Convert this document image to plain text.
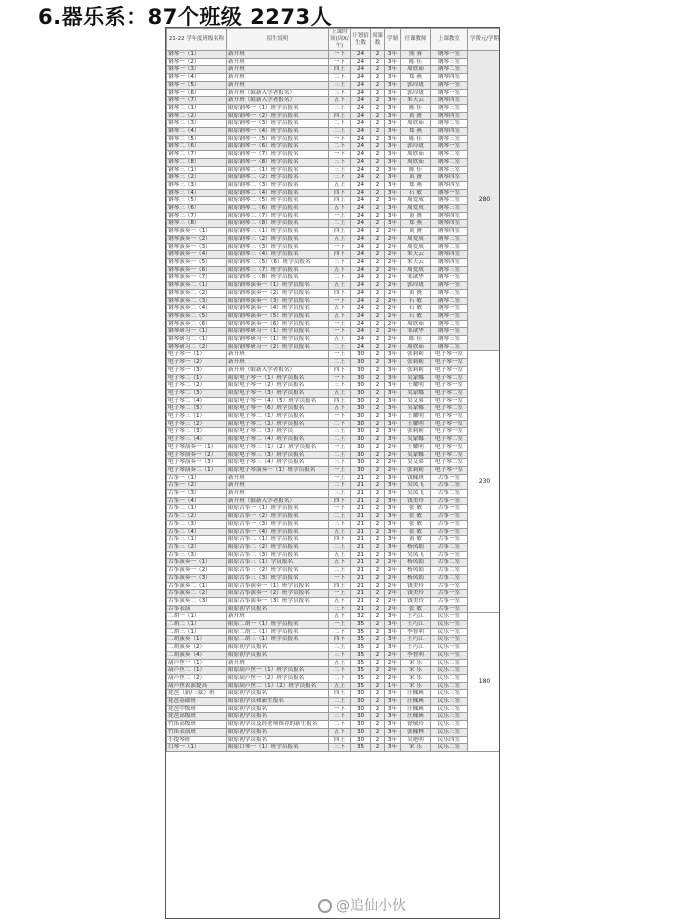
6.器乐系：87个班级 2273人
21-22 学年度班级名称	招生说明	上课时间(周X/午)	计划招生数	周课数	学制	任课教师	上课教室	学费元/学期
钢琴一（1）	新开班	一下	24	2	3年	熊 蓉	钢琴一室	280
钢琴一（2）	新开班	一下	24	2	3年	陈 佳	钢琴三室	
钢琴一（3）	新开班	四上	24	2	3年	周欣茹	钢琴二室	
钢琴一（4）	新开班	二下	24	2	3年	郑 燕	钢琴四室	
钢琴一（5）	新开班	三上	24	2	3年	郭玲珑	钢琴一室	
钢琴一（6）	新开班（限新入学者报名）	三下	24	2	3年	郭玲珑	钢琴一室	
钢琴一（7）	新开班（限新入学者报名）	五下	24	2	3年	朱天云	钢琴四室	
钢琴二（1）	限原钢琴一（1）班学员报名	三上	24	2	3年	陈 佳	钢琴三室	
钢琴二（2）	限原钢琴一（2）班学员报名	四上	24	2	3年	黄 贇	钢琴四室	
钢琴二（3）	限原钢琴一（3）班学员报名	二下	24	2	3年	周欣茹	钢琴二室	
钢琴二（4）	限原钢琴一（4）班学员报名	二上	24	2	3年	郑 燕	钢琴四室	
钢琴二（5）	限原钢琴一（5）班学员报名	一下	24	2	3年	陈 佳	钢琴三室	
钢琴二（6）	限原钢琴一（6）班学员报名	二下	24	2	3年	郭玲珑	钢琴一室	
钢琴二（7）	限原钢琴一（7）班学员报名	一下	24	2	3年	周欣茹	钢琴二室	
钢琴二（8）	限原钢琴一（8）班学员报名	三下	24	2	3年	周欣茹	钢琴二室	
钢琴三（1）	限原钢琴二（1）班学员报名	三上	24	2	3年	陈 佳	钢琴三室	
钢琴三（2）	限原钢琴二（2）班学员报名	三下	24	2	3年	黄 贇	钢琴四室	
钢琴三（3）	限原钢琴二（3）班学员报名	五上	24	2	3年	郑 燕	钢琴四室	
钢琴三（4）	限原钢琴二（4）班学员报名	四下	24	2	3年	石 敏	钢琴一室	
钢琴三（5）	限原钢琴二（5）班学员报名	四上	24	2	3年	周爱成	钢琴二室	
钢琴三（6）	限原钢琴二（6）班学员报名	五下	24	2	3年	周爱成	钢琴三室	
钢琴三（7）	限原钢琴二（7）班学员报名	一上	24	2	3年	黄 贇	钢琴四室	
钢琴三（8）	限原钢琴二（8）班学员报名	二上	24	2	3年	郑 燕	钢琴四室	
钢琴演奏一（1）	限原钢琴三（1）班学员报名	四上	24	2	2年	黄 贇	钢琴四室	
钢琴演奏一（2）	限原钢琴三（2）班学员报名	五上	24	2	2年	周爱成	钢琴三室	
钢琴演奏一（3）	限原钢琴三（3）班学员报名	一下	24	2	2年	周爱成	钢琴二室	
钢琴演奏一（4）	限原钢琴三（4）班学员报名	四下	24	2	2年	朱天云	钢琴四室	
钢琴演奏一（5）	限原钢琴三（5）（6）班学员报名	三下	24	2	2年	朱天云	钢琴四室	
钢琴演奏一（6）	限原钢琴三（7）班学员报名	五下	24	2	2年	周爱成	钢琴三室	
钢琴演奏一（7）	限原钢琴三（8）班学员报名	二下	24	2	2年	邹歆华	钢琴一室	
钢琴演奏二（1）	限原钢琴演奏一（1）班学员报名	五上	24	2	2年	郭玲珑	钢琴一室	
钢琴演奏二（2）	限原钢琴演奏一（2）班学员报名	四下	24	2	2年	黄 贇	钢琴三室	
钢琴演奏二（3）	限原钢琴演奏一（3）班学员报名	一下	24	2	2年	石 敏	钢琴二室	
钢琴演奏二（4）	限原钢琴演奏一（4）班学员报名	五下	24	2	2年	石 敏	钢琴一室	
钢琴演奏二（5）	限原钢琴演奏一（5）班学员报名	五下	24	2	2年	石 敏	钢琴一室	
钢琴演奏二（6）	限原钢琴演奏一（6）班学员报名	一上	24	2	2年	周欣茹	钢琴二室	
钢琴研习一（1）	限原钢琴研习一（1）班学员报名	一下	24	2	2年	邹歆华	钢琴一室	
钢琴研习二（1）	限原钢琴研习一（1）班学员报名	五上	24	2	2年	陈 佳	钢琴三室	
钢琴研习二（2）	限原钢琴研习一（2）班学员报名	二上	24	2	2年	周欣茹	钢琴二室	
电子琴一（1）	新开班	一上	30	2	3年	张莉莉	电子琴一室	230
电子琴一（2）	新开班	二上	30	2	3年	张莉莉	电子琴一室	
电子琴一（3）	新开班（限新入学者报名）	四下	30	2	3年	张莉莉	电子琴一室	
电子琴二（1）	限原电子琴一（1）班学员报名	一下	30	2	3年	吴蒙娜	电子琴二室	
电子琴二（2）	限原电子琴一（2）班学员报名	三下	30	2	3年	王耀明	电子琴一室	
电子琴二（3）	限原电子琴一（3）班学员报名	五上	30	2	3年	吴蒙娜	电子琴二室	
电子琴二（4）	限原电子琴一（4）（5）班学员报名	四上	30	2	3年	吴艾弟	电子琴一室	
电子琴二（5）	限原电子琴一（6）班学员报名	五下	30	2	3年	吴蒙娜	电子琴二室	
电子琴三（1）	限原电子琴二（1）班学员报名	一下	30	2	3年	王耀明	电子琴一室	
电子琴三（2）	限原电子琴二（2）班学员报名	二下	30	2	3年	王耀明	电子琴一室	
电子琴三（3）	限原电子琴二（3）班学员	三上	30	2	3年	张莉莉	电子琴一室	
电子琴三（4）	限原电子琴二（4）班学员报名	二上	30	2	3年	吴蒙娜	电子琴二室	
电子琴演奏一（1）	限原电子琴三（1）（2）班学员报名	一上	30	2	2年	王耀明	电子琴一室	
电子琴演奏一（2）	限原电子琴三（3）班学员报名	二上	30	2	2年	吴蒙娜	电子琴二室	
电子琴演奏一（3）	限原电子琴三（4）班学员报名	三下	30	2	2年	吴艾弟	电子琴二室	
电子琴演奏二（1）	限原电子琴演奏一（1）班学员报名	一上	30	2	2年	张莉莉	电子琴一室	
古筝一（1）	新开班	一上	21	2	3年	钱佩琪	古筝一室	
古筝一（2）	新开班	二下	21	2	3年	吴凤飞	古筝二室	
古筝一（3）	新开班	三上	21	2	3年	吴凤飞	古筝二室	
古筝一（4）	新开班（限新入学者报名）	四下	21	2	3年	钱美玲	古筝一室	
古筝二（1）	限原古筝一（1）班学员报名	一下	21	2	3年	张 敏	古筝一室	
古筝二（2）	限原古筝一（2）班学员报名	二上	21	2	3年	张 敏	古筝一室	
古筝二（3）	限原古筝一（3）班学员报名	三下	21	2	3年	张 敏	古筝一室	
古筝二（4）	限原古筝一（4）班学员报名	五上	21	2	3年	张 敏	古筝一室	
古筝三（1）	限原古筝二（1）班学员报名	四下	21	2	3年	黄 敏	古筝一室	
古筝三（2）	限原古筝二（2）班学员报名	二上	21	2	3年	杨凤娟	古筝二室	
古筝三（3）	限原古筝二（3）班学员报名	五上	21	2	3年	吴凤飞	古筝一室	
古筝演奏一（1）	限原古筝三（1）学员报名	五下	21	2	2年	杨凤娟	古筝二室	
古筝演奏一（2）	限原古筝三（2）班学员报名	二上	21	2	2年	杨凤娟	古筝二室	
古筝演奏一（3）	限原古筝三（3）班学员报名	一下	21	2	2年	杨凤娟	古筝二室	
古筝演奏二（1）	限原古筝演奏一（1）班学员报名	四上	21	2	2年	钱美玲	古筝一室	
古筝演奏二（2）	限原古筝演奏一（2）班学员报名	一上	21	2	2年	钱美玲	古筝一室	
古筝演奏二（3）	限原古筝演奏一（3）班学员报名	五下	21	2	2年	钱美玲	古筝一室	
古筝表演	限原初学员报名	三下	21	2	2年	张 敏	古筝一室	
二胡一（1）	新开班	五下	32	2	3年	王巧江	民乐一室	180
二胡二（1）	限原二胡一（1）班学员报名	一上	35	2	3年	王巧江	民乐一室	
二胡三（1）	限原二胡二（1）班学员报名	二下	35	2	3年	李智利	民乐一室	
二胡演奏（1）	限原二胡三（1）班学员报名	四下	35	2	3年	王巧江	民乐一室	
二胡演奏（2）	限原初学员报名	二上	35	2	3年	王巧江	民乐一室	
二胡演奏（4）	限原初学员报名	三下	35	2	2年	李智利	民乐一室	
葫芦丝一（1）	新开班	五上	35	2	2年	宋 乐	民乐二室	
葫芦丝二（1）	限原葫芦丝一（1）班学员报名	二下	35	2	2年	宋 乐	民乐二室	
葫芦丝二（2）	限原葫芦丝一（2）班学员报名	二下	35	2	2年	宋 乐	民乐二室	
葫芦丝表演提高	限原葫芦丝二（1）（2）班学员报名	五上	35	2	1年	宋 乐	民乐二室	
琵琶（新/三弦）班	限原初学员报名	四上	30	2	3年	汪佩瑛	民乐三室	
琵琶基础班	限原初学员和新生报名	二上	30	2	3年	汪佩瑛	民乐三室	
琵琶中级班	限原初学员报名	一下	30	2	3年	汪佩瑛	民乐三室	
琵琶高级班	限原初学员报名	三下	30	2	3年	汪佩瑛	民乐三室	
竹笛高级班	限原初学员及经老师推荐的新生报名	二下	30	2	3年	徐敬玲	民乐三室	
竹笛表演班	限原初学员报名	五下	30	2	3年	张佩林	民乐三室	
小提琴班	限原初学员报名	四上	30	2	3年	吴艳明	民乐四室	
口琴一（1）	限原口琴一（1）班学员报名	三下	35	2	3年	宋 乐	民乐二室	
@追仙小伙
